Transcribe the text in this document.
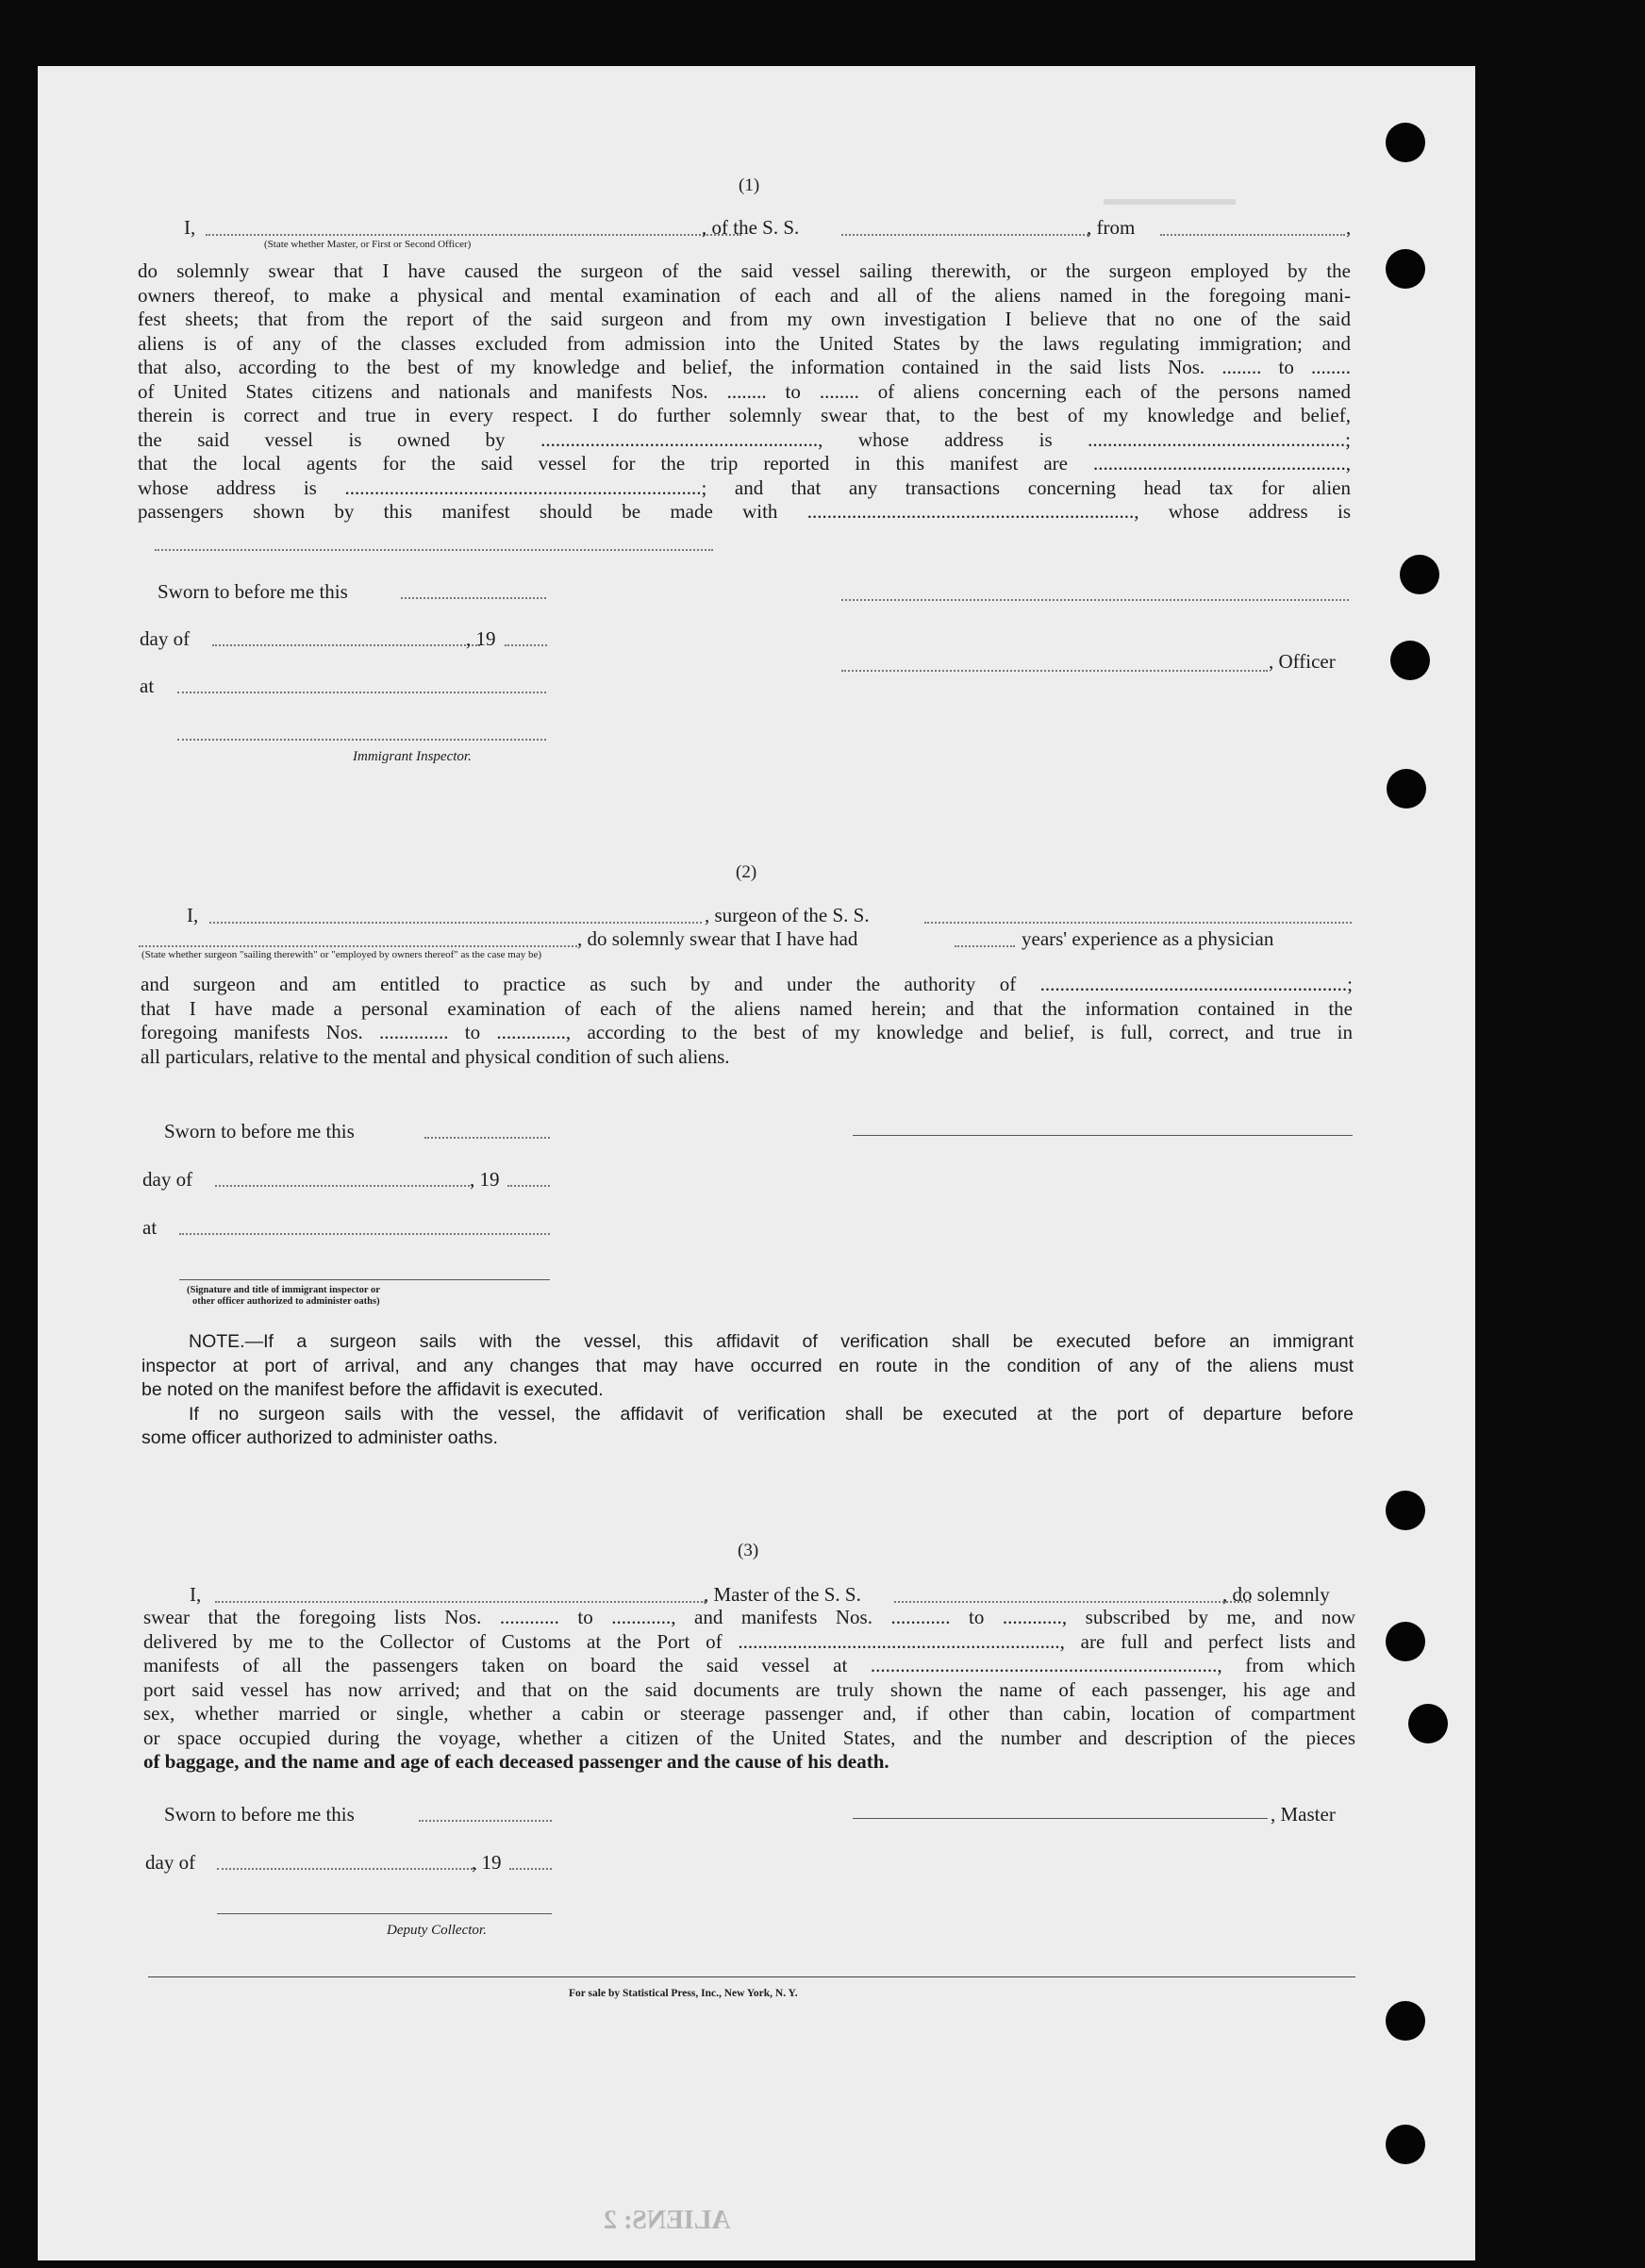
▬▬▬▬▬▬▬
ALIENS: 2
(1)
I,
(State whether Master, or First or Second Officer)
, of the S. S.	, from	,
do solemnly swear that I have caused the surgeon of the said vessel sailing therewith, or the surgeon employed by the
owners thereof, to make a physical and mental examination of each and all of the aliens named in the foregoing mani-
fest sheets; that from the report of the said surgeon and from my own investigation I believe that no one of the said
aliens is of any of the classes excluded from admission into the United States by the laws regulating immigration; and
that also, according to the best of my knowledge and belief, the information contained in the said lists Nos. ........ to ........
of United States citizens and nationals and manifests Nos. ........ to ........ of aliens concerning each of the persons named
therein is correct and true in every respect. I do further solemnly swear that, to the best of my knowledge and belief,
the said vessel is owned by ........................................................, whose address is ....................................................;
that the local agents for the said vessel for the trip reported in this manifest are ...................................................,
whose address is ........................................................................; and that any transactions concerning head tax for alien
passengers shown by this manifest should be made with .................................................................., whose address is
Sworn to before me this
day of	, 19
at
Immigrant Inspector.
, Officer
(2)
I,	, surgeon of the S. S.
, do solemnly swear that I have had	years' experience as a physician
(State whether surgeon "sailing therewith" or "employed by owners thereof" as the case may be)
and surgeon and am entitled to practice as such by and under the authority of ..............................................................;
that I have made a personal examination of each of the aliens named herein; and that the information contained in the
foregoing manifests Nos. .............. to .............., according to the best of my knowledge and belief, is full, correct, and true in
all particulars, relative to the mental and physical condition of such aliens.
Sworn to before me this
day of	, 19
at
(Signature and title of immigrant inspector or
other officer authorized to administer oaths)
NOTE. —If a surgeon sails with the vessel, this affidavit of verification shall be executed before an immigrant
inspector at port of arrival, and any changes that may have occurred en route in the condition of any of the aliens must
be noted on the manifest before the affidavit is executed.
If no surgeon sails with the vessel, the affidavit of verification shall be executed at the port of departure before
some officer authorized to administer oaths.
(3)
I,	, Master of the S. S.	, do solemnly
swear that the foregoing lists Nos. ............ to ............, and manifests Nos. ............ to ............, subscribed by me, and now
delivered by me to the Collector of Customs at the Port of ................................................................., are full and perfect lists and
manifests of all the passengers taken on board the said vessel at ......................................................................, from which
port said vessel has now arrived; and that on the said documents are truly shown the name of each passenger, his age and
sex, whether married or single, whether a cabin or steerage passenger and, if other than cabin, location of compartment
or space occupied during the voyage, whether a citizen of the United States, and the number and description of the pieces
of baggage, and the name and age of each deceased passenger and the cause of his death.
Sworn to before me this	, Master
day of	, 19
Deputy Collector.
For sale by Statistical Press, Inc., New York, N. Y.
